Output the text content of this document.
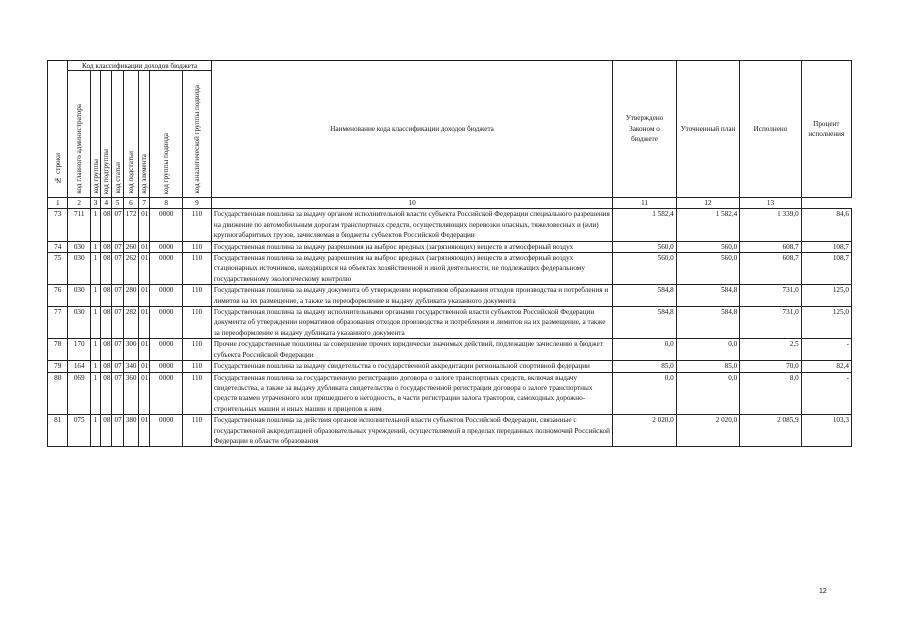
№ строки	Код классификации доходов бюджета								Наименование кода классификации доходов бюджета	Утверждено Законом о бюджете	Уточненный план	Исполнено	Процент исполнения

	код главного администратора	код группы	код подгруппы	код статьи	код подстатьи	код элемента	код группы подвида	код аналитической группы подвида					

1	2	3	4	5	6	7	8	9	10	11	12	13	
73	711	1	08	07	172	01	0000	110	Государственная пошлина за выдачу органом исполнительной власти субъекта Российской Федерации специального разрешения на движение по автомобильным дорогам транспортных средств, осуществляющих перевозки опасных, тяжеловесных и (или) крупногабаритных грузов, зачисляемая в бюджеты субъектов Российской Федерации	1 582,4	1 582,4	1 339,0	84,6
74	030	1	08	07	260	01	0000	110	Государственная пошлина за выдачу разрешения на выброс вредных (загрязняющих) веществ в атмосферный воздух	560,0	560,0	608,7	108,7
75	030	1	08	07	262	01	0000	110	Государственная пошлина за выдачу разрешения на выброс вредных (загрязняющих) веществ в атмосферный воздух стационарных источников, находящихся на объектах хозяйственной и иной деятельности, не подлежащих федеральному государственному экологическому контролю	560,0	560,0	608,7	108,7
76	030	1	08	07	280	01	0000	110	Государственная пошлина за выдачу документа об утверждении нормативов образования отходов производства и потребления и лимитов на их размещение, а также за переоформление и выдачу дубликата указанного документа	584,8	584,8	731,0	125,0
77	030	1	08	07	282	01	0000	110	Государственная пошлина за выдачу исполнительными органами государственной власти субъектов Российской Федерации документа об утверждении нормативов образования отходов производства и потребления и лимитов на их размещение, а также за переоформление и выдачу дубликата указанного документа	584,8	584,8	731,0	125,0
78	170	1	08	07	300	01	0000	110	Прочие государственные пошлины за совершение прочих юридически значимых действий, подлежащие зачислению в бюджет субъекта Российской Федерации	0,0	0,0	2,5	-
79	164	1	08	07	340	01	0000	110	Государственная пошлина за выдачу свидетельства о государственной аккредитации региональной спортивной федерации	85,0	85,0	70,0	82,4
80	069	1	08	07	360	01	0000	110	Государственная пошлина за государственную регистрацию договора о залоге транспортных средств, включая выдачу свидетельства, а также за выдачу дубликата свидетельства о государственной регистрации договора о залоге транспортных средств взамен утраченного или пришедшего в негодность, в части регистрации залога тракторов, самоходных дорожно-строительных машин и иных машин и прицепов к ним	0,0	0,0	8,0	-
81	075	1	08	07	380	01	0000	110	Государственная пошлина за действия органов исполнительной власти субъектов Российской Федерации, связанные с государственной аккредитацией образовательных учреждений, осуществляемой в пределах переданных полномочий Российской Федерации в области образования	2 020,0	2 020,0	2 085,9	103,3
12
